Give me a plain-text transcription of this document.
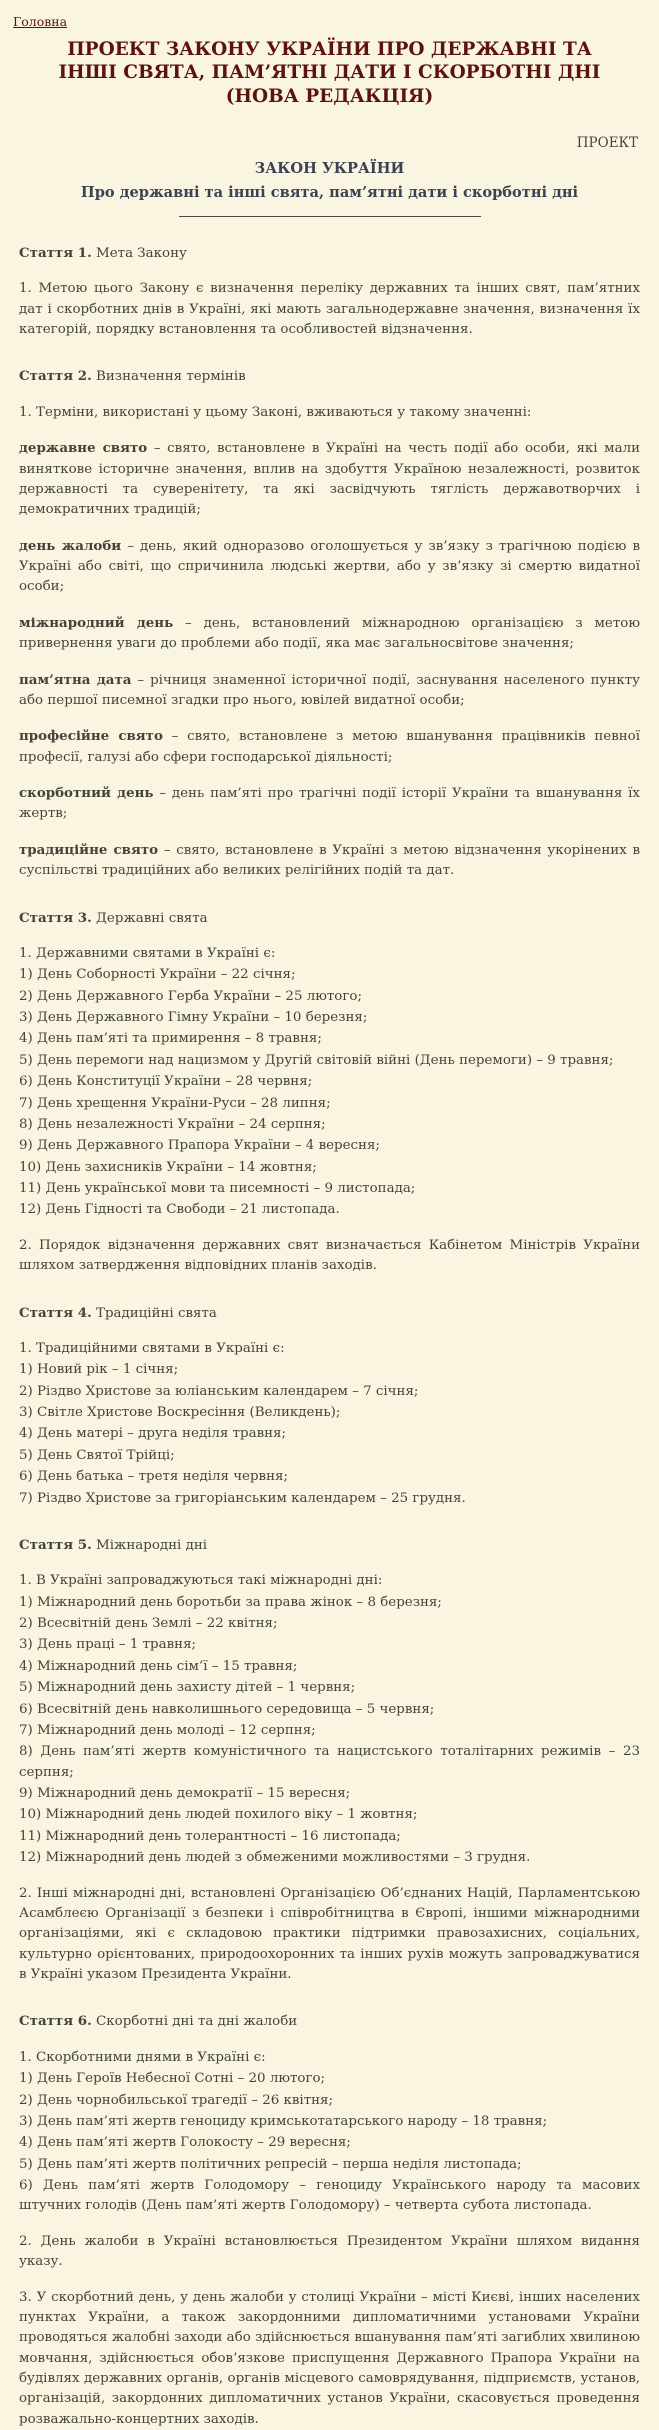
Головна
ПРОЕКТ ЗАКОНУ УКРАЇНИ ПРО ДЕРЖАВНІ ТА ІНШІ СВЯТА, ПАМ’ЯТНІ ДАТИ І СКОРБОТНІ ДНІ (НОВА РЕДАКЦІЯ)
ПРОЕКТ
ЗАКОН УКРАЇНИ
Про державні та інші свята, пам’ятні дати і скорботні дні

Стаття 1. Мета Закону

1. Метою цього Закону є визначення переліку державних та інших свят, пам’ятних дат і скорботних днів в Україні, які мають загальнодержавне значення, визначення їх категорій, порядку встановлення та особливостей відзначення.

Стаття 2. Визначення термінів

1. Терміни, використані у цьому Законі, вживаються у такому значенні:

державне свято – свято, встановлене в Україні на честь події або особи, які мали виняткове історичне значення, вплив на здобуття Україною незалежності, розвиток державності та суверенітету, та які засвідчують тяглість державотворчих і демократичних традицій;

день жалоби – день, який одноразово оголошується у зв’язку з трагічною подією в Україні або світі, що спричинила людські жертви, або у зв’язку зі смертю видатної особи;

міжнародний день – день, встановлений міжнародною організацією з метою привернення уваги до проблеми або події, яка має загальносвітове значення;

пам’ятна дата – річниця знаменної історичної події, заснування населеного пункту або першої писемної згадки про нього, ювілей видатної особи;

професійне свято – свято, встановлене з метою вшанування працівників певної професії, галузі або сфери господарської діяльності;

скорботний день – день пам’яті про трагічні події історії України та вшанування їх жертв;

традиційне свято – свято, встановлене в Україні з метою відзначення укорінених в суспільстві традиційних або великих релігійних подій та дат.

Стаття 3. Державні свята

1. Державними святами в Україні є:

1) День Соборності України – 22 січня;

2) День Державного Герба України – 25 лютого;

3) День Державного Гімну України – 10 березня;

4) День пам’яті та примирення – 8 травня;

5) День перемоги над нацизмом у Другій світовій війні (День перемоги) – 9 травня;

6) День Конституції України – 28 червня;

7) День хрещення України-Руси – 28 липня;

8) День незалежності України – 24 серпня;

9) День Державного Прапора України – 4 вересня;

10) День захисників України – 14 жовтня;

11) День української мови та писемності – 9 листопада;

12) День Гідності та Свободи – 21 листопада.

2. Порядок відзначення державних свят визначається Кабінетом Міністрів України шляхом затвердження відповідних планів заходів.

Стаття 4. Традиційні свята

1. Традиційними святами в Україні є:

1) Новий рік – 1 січня;

2) Різдво Христове за юліанським календарем – 7 січня;

3) Світле Христове Воскресіння (Великдень);

4) День матері – друга неділя травня;

5) День Святої Трійці;

6) День батька – третя неділя червня;

7) Різдво Христове за григоріанським календарем – 25 грудня.

Стаття 5. Міжнародні дні

1. В Україні запроваджуються такі міжнародні дні:

1) Міжнародний день боротьби за права жінок – 8 березня;

2) Всесвітній день Землі – 22 квітня;

3) День праці – 1 травня;

4) Міжнародний день сім’ї – 15 травня;

5) Міжнародний день захисту дітей – 1 червня;

6) Всесвітній день навколишнього середовища – 5 червня;

7) Міжнародний день молоді – 12 серпня;

8) День пам’яті жертв комуністичного та нацистського тоталітарних режимів – 23 серпня;

9) Міжнародний день демократії – 15 вересня;

10) Міжнародний день людей похилого віку – 1 жовтня;

11) Міжнародний день толерантності – 16 листопада;

12) Міжнародний день людей з обмеженими можливостями – 3 грудня.

2. Інші міжнародні дні, встановлені Організацією Об’єднаних Націй, Парламентською Асамблеєю Організації з безпеки і співробітництва в Європі, іншими міжнародними організаціями, які є складовою практики підтримки правозахисних, соціальних, культурно орієнтованих, природоохоронних та інших рухів можуть запроваджуватися в Україні указом Президента України.

Стаття 6. Скорботні дні та дні жалоби

1. Скорботними днями в Україні є:

1) День Героїв Небесної Сотні – 20 лютого;

2) День чорнобильської трагедії – 26 квітня;

3) День пам’яті жертв геноциду кримськотатарського народу – 18 травня;

4) День пам’яті жертв Голокосту – 29 вересня;

5) День пам’яті жертв політичних репресій – перша неділя листопада;

6) День пам’яті жертв Голодомору – геноциду Українського народу та масових штучних голодів (День пам’яті жертв Голодомору) – четверта субота листопада.

2. День жалоби в Україні встановлюється Президентом України шляхом видання указу.

3. У скорботний день, у день жалоби у столиці України – місті Києві, інших населених пунктах України, а також закордонними дипломатичними установами України проводяться жалобні заходи або здійснюється вшанування пам’яті загиблих хвилиною мовчання, здійснюється обов’язкове приспущення Державного Прапора України на будівлях державних органів, органів місцевого самоврядування, підприємств, установ, організацій, закордонних дипломатичних установ України, скасовується проведення розважально-концертних заходів.
